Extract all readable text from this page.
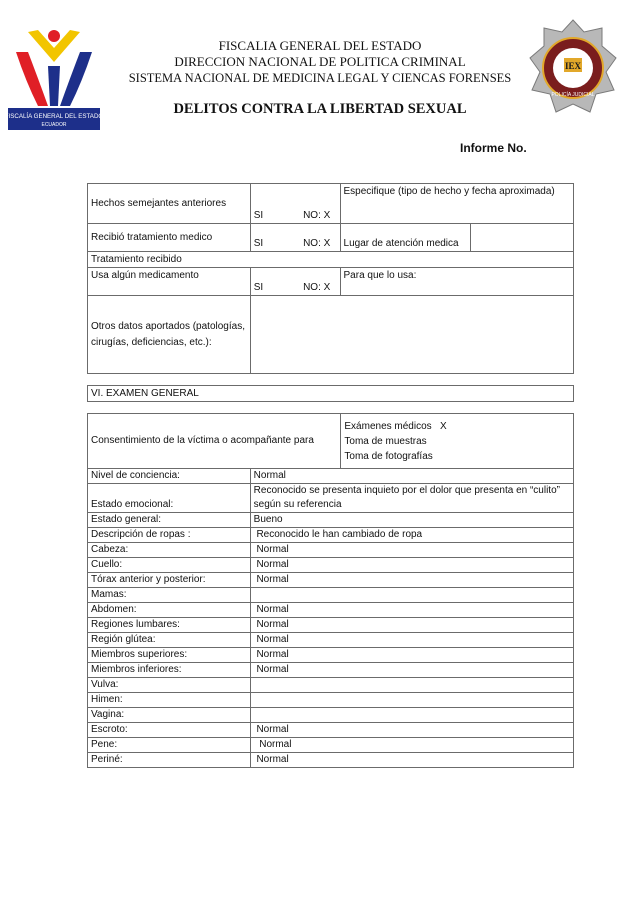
FISCALÍA GENERAL DEL ESTADO
ECUADOR
IEX
POLICÍA JUDICIAL
FISCALIA GENERAL DEL ESTADO
DIRECCION NACIONAL DE POLITICA CRIMINAL
SISTEMA NACIONAL DE MEDICINA LEGAL Y CIENCAS FORENSES
DELITOS CONTRA LA LIBERTAD SEXUAL
Informe No.
Hechos semejantes anteriores	SI	NO: X	Especifique (tipo de hecho y fecha aproximada)	
Recibió tratamiento medico	SI	NO: X	Lugar de atención medica	
Tratamiento recibido				
Usa algún medicamento	SI	NO: X	Para que lo usa:	
Otros datos aportados (patologías, cirugías, deficiencias, etc.):				
VI. EXAMEN GENERAL
Consentimiento de la víctima o acompañante para		Exámenes médicos   X
Toma de muestras
Toma de fotografías

Nivel de conciencia:	Normal	
Estado emocional:	Reconocido se presenta inquieto por el dolor que presenta en “culito” según su referencia	
Estado general:	Bueno	
Descripción de ropas :	Reconocido le han cambiado de ropa	
Cabeza:	Normal	
Cuello:	Normal	
Tórax anterior y posterior:	Normal	
Mamas:		
Abdomen:	Normal	
Regiones lumbares:	Normal	
Región glútea:	Normal	
Miembros superiores:	Normal	
Miembros inferiores:	Normal	
Vulva:		
Himen:		
Vagina:		
Escroto:	Normal	
Pene:	Normal	
Periné:	Normal	
